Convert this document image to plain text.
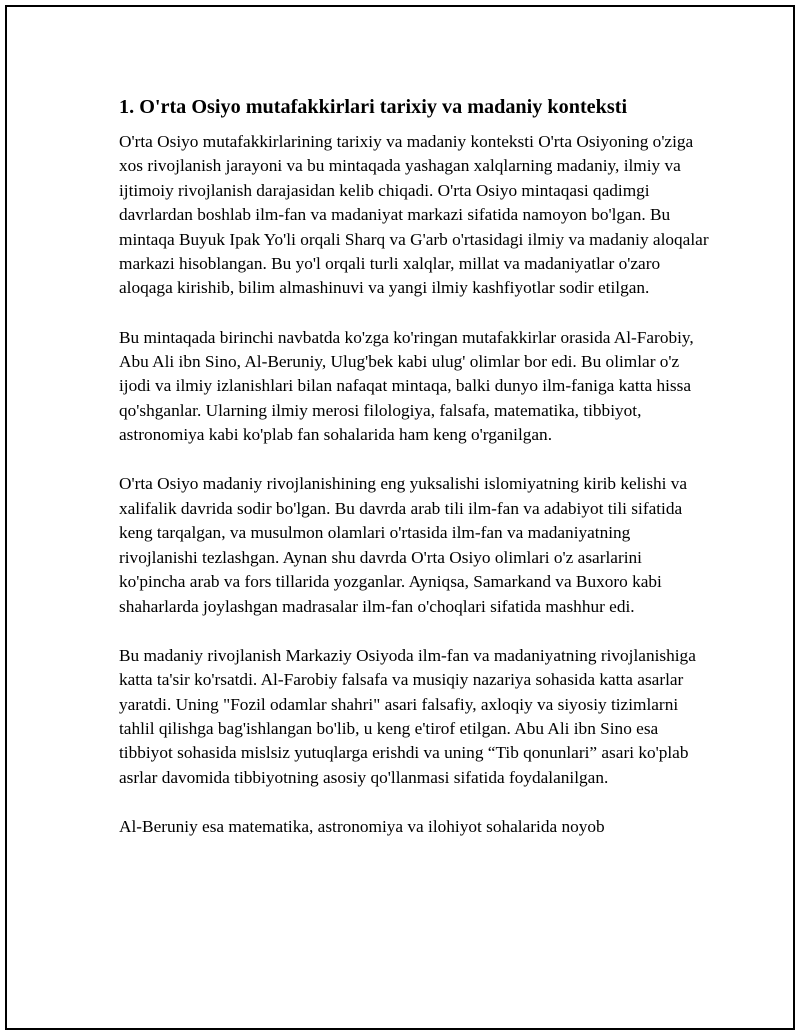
1. O'rta Osiyo mutafakkirlari tarixiy va madaniy konteksti

O'rta Osiyo mutafakkirlarining tarixiy va madaniy konteksti O'rta Osiyoning o'ziga xos rivojlanish jarayoni va bu mintaqada yashagan xalqlarning madaniy, ilmiy va ijtimoiy rivojlanish darajasidan kelib chiqadi. O'rta Osiyo mintaqasi qadimgi davrlardan boshlab ilm-fan va madaniyat markazi sifatida namoyon bo'lgan. Bu mintaqa Buyuk Ipak Yo'li orqali Sharq va G'arb o'rtasidagi ilmiy va madaniy aloqalar markazi hisoblangan. Bu yo'l orqali turli xalqlar, millat va madaniyatlar o'zaro aloqaga kirishib, bilim almashinuvi va yangi ilmiy kashfiyotlar sodir etilgan.

Bu mintaqada birinchi navbatda ko'zga ko'ringan mutafakkirlar orasida Al-Farobiy, Abu Ali ibn Sino, Al-Beruniy, Ulug'bek kabi ulug' olimlar bor edi. Bu olimlar o'z ijodi va ilmiy izlanishlari bilan nafaqat mintaqa, balki dunyo ilm-faniga katta hissa qo'shganlar. Ularning ilmiy merosi filologiya, falsafa, matematika, tibbiyot, astronomiya kabi ko'plab fan sohalarida ham keng o'rganilgan.

O'rta Osiyo madaniy rivojlanishining eng yuksalishi islomiyatning kirib kelishi va xalifalik davrida sodir bo'lgan. Bu davrda arab tili ilm-fan va adabiyot tili sifatida keng tarqalgan, va musulmon olamlari o'rtasida ilm-fan va madaniyatning rivojlanishi tezlashgan. Aynan shu davrda O'rta Osiyo olimlari o'z asarlarini ko'pincha arab va fors tillarida yozganlar. Ayniqsa, Samarkand va Buxoro kabi shaharlarda joylashgan madrasalar ilm-fan o'choqlari sifatida mashhur edi.

Bu madaniy rivojlanish Markaziy Osiyoda ilm-fan va madaniyatning rivojlanishiga katta ta'sir ko'rsatdi. Al-Farobiy falsafa va musiqiy nazariya sohasida katta asarlar yaratdi. Uning "Fozil odamlar shahri" asari falsafiy, axloqiy va siyosiy tizimlarni tahlil qilishga bag'ishlangan bo'lib, u keng e'tirof etilgan. Abu Ali ibn Sino esa tibbiyot sohasida mislsiz yutuqlarga erishdi va uning “Tib qonunlari” asari ko'plab asrlar davomida tibbiyotning asosiy qo'llanmasi sifatida foydalanilgan.

Al-Beruniy esa matematika, astronomiya va ilohiyot sohalarida noyob
